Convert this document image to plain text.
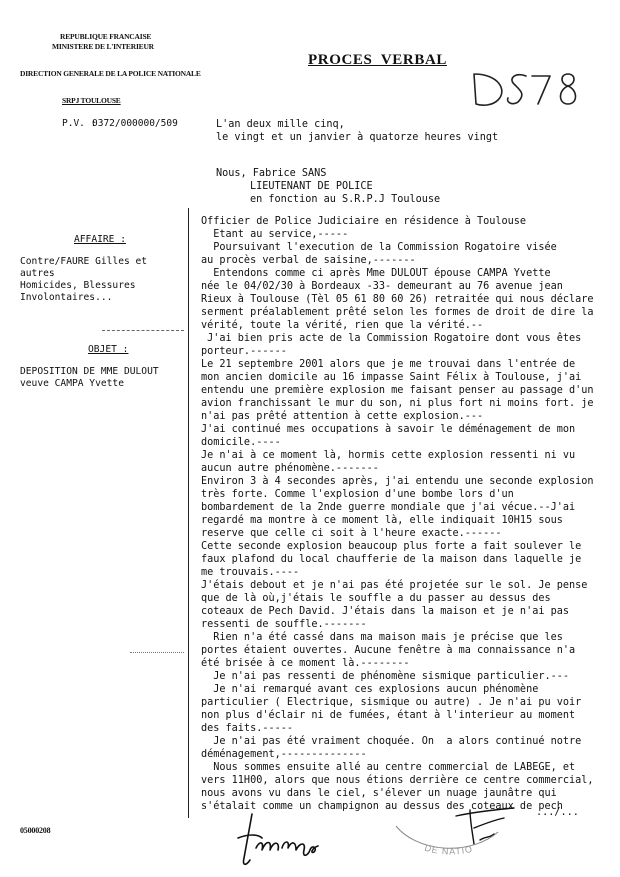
REPUBLIQUE FRANCAISE
MINISTERE DE L'INTERIEUR
DIRECTION GENERALE DE LA POLICE NATIONALE
SRPJ TOULOUSE
P.V. :
0372/000000/509
PROCES  VERBAL
L'an deux mille cinq,
le vingt et un janvier à quatorze heures vingt
Nous, Fabrice SANS
LIEUTENANT DE POLICE
en fonction au S.R.P.J Toulouse
AFFAIRE :
Contre/FAURE Gilles et
autres
Homicides, Blessures
Involontaires...
OBJET :
DEPOSITION DE MME DULOUT
veuve CAMPA Yvette
Officier de Police Judiciaire en résidence à Toulouse
Etant au service,-----
Poursuivant l'execution de la Commission Rogatoire visée
au procès verbal de saisine,-------
Entendons comme ci après Mme DULOUT épouse CAMPA Yvette
née le 04/02/30 à Bordeaux -33- demeurant au 76 avenue jean
Rieux à Toulouse (Tèl 05 61 80 60 26) retraitée qui nous déclare
serment préalablement prêté selon les formes de droit de dire la
vérité, toute la vérité, rien que la vérité.--
J'ai bien pris acte de la Commission Rogatoire dont vous êtes
porteur.------
Le 21 septembre 2001 alors que je me trouvai dans l'entrée de
mon ancien domicile au 16 impasse Saint Félix à Toulouse, j'ai
entendu une première explosion me faisant penser au passage d'un
avion franchissant le mur du son, ni plus fort ni moins fort. je
n'ai pas prêté attention à cette explosion.---
J'ai continué mes occupations à savoir le déménagement de mon
domicile.----
Je n'ai à ce moment là, hormis cette explosion ressenti ni vu
aucun autre phénomène.-------
Environ 3 à 4 secondes après, j'ai entendu une seconde explosion
très forte. Comme l'explosion d'une bombe lors d'un
bombardement de la 2nde guerre mondiale que j'ai vécue.--J'ai
regardé ma montre à ce moment là, elle indiquait 10H15 sous
reserve que celle ci soit à l'heure exacte.------
Cette seconde explosion beaucoup plus forte a fait soulever le
faux plafond du local chaufferie de la maison dans laquelle je
me trouvais.----
J'étais debout et je n'ai pas été projetée sur le sol. Je pense
que de là où,j'étais le souffle a du passer au dessus des
coteaux de Pech David. J'étais dans la maison et je n'ai pas
ressenti de souffle.-------
Rien n'a été cassé dans ma maison mais je précise que les
portes étaient ouvertes. Aucune fenêtre à ma connaissance n'a
été brisée à ce moment là.--------
Je n'ai pas ressenti de phénomène sismique particulier.---
Je n'ai remarqué avant ces explosions aucun phénomène
particulier ( Electrique, sismique ou autre) . Je n'ai pu voir
non plus d'éclair ni de fumées, étant à l'interieur au moment
des faits.-----
Je n'ai pas été vraiment choquée. On  a alors continué notre
déménagement,--------------
Nous sommes ensuite allé au centre commercial de LABEGE, et
vers 11H00, alors que nous étions derrière ce centre commercial,
nous avons vu dans le ciel, s'élever un nuage jaunâtre qui
s'étalait comme un champignon au dessus des coteaux de pech
.../...
05000208
DE NATIO
